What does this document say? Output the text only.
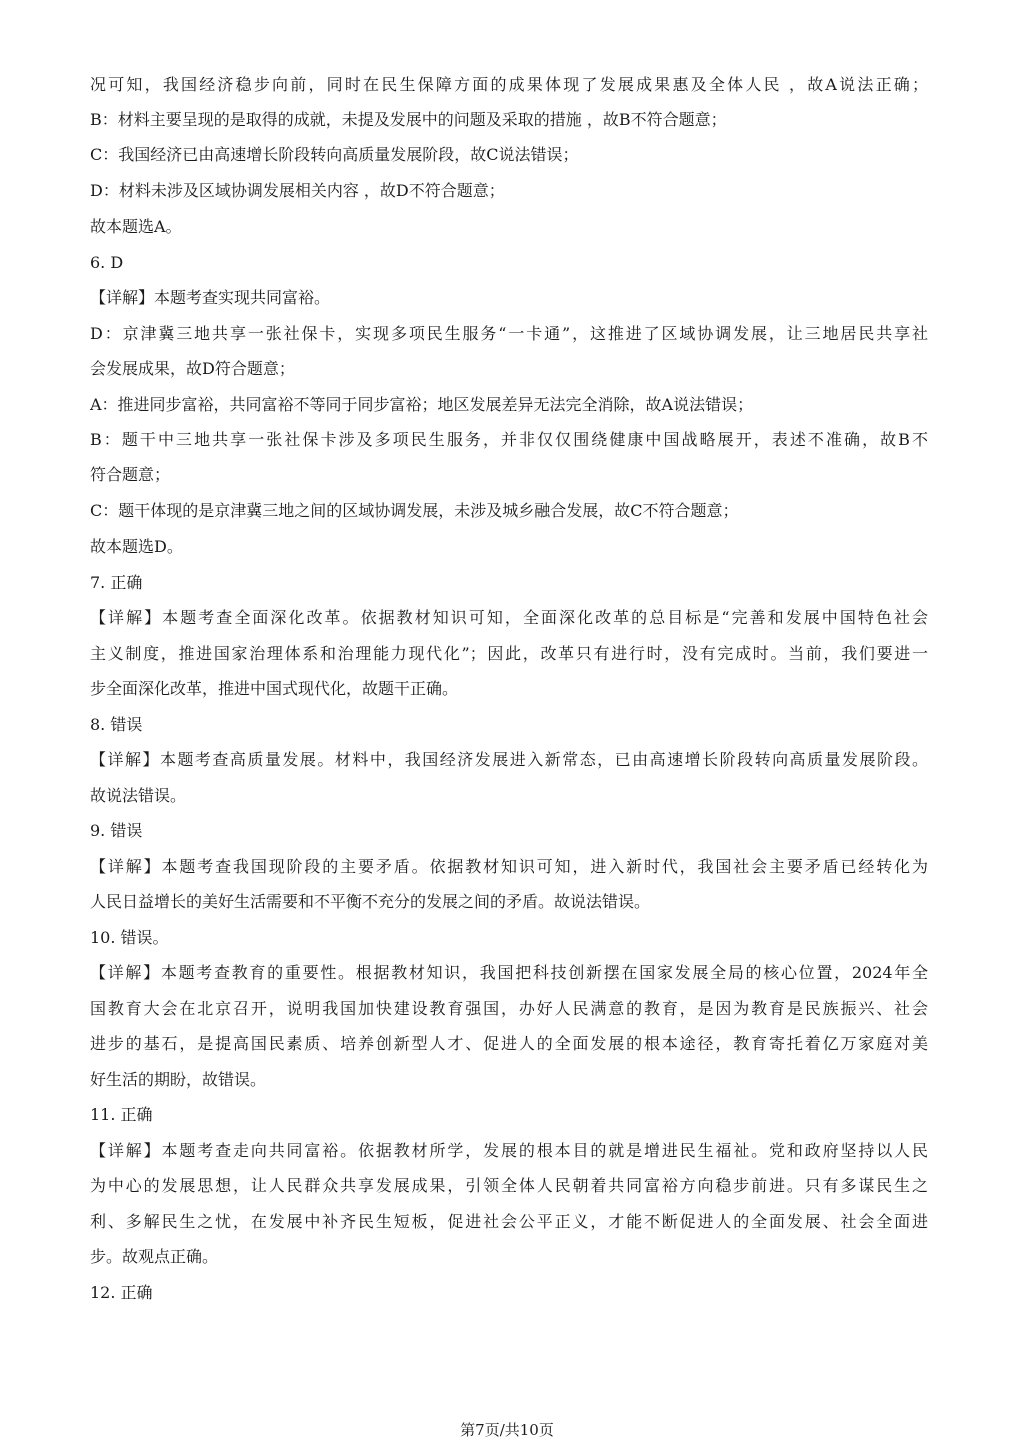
况可知，我国经济稳步向前，同时在民生保障方面的成果体现了发展成果惠及全体人民 ，故A说法正确；
B：材料主要呈现的是取得的成就，未提及发展中的问题及采取的措施 ，故B不符合题意；
C：我国经济已由高速增长阶段转向高质量发展阶段，故C说法错误；
D：材料未涉及区域协调发展相关内容 ，故D不符合题意；
故本题选A。
6. D
【详解】本题考查实现共同富裕。
D：京津冀三地共享一张社保卡，实现多项民生服务“一卡通”，这推进了区域协调发展，让三地居民共享社
会发展成果，故D符合题意；
A：推进同步富裕，共同富裕不等同于同步富裕；地区发展差异无法完全消除，故A说法错误；
B：题干中三地共享一张社保卡涉及多项民生服务，并非仅仅围绕健康中国战略展开，表述不准确，故B不
符合题意；
C：题干体现的是京津冀三地之间的区域协调发展，未涉及城乡融合发展，故C不符合题意；
故本题选D。
7. 正确
【详解】本题考查全面深化改革。依据教材知识可知，全面深化改革的总目标是“完善和发展中国特色社会
主义制度，推进国家治理体系和治理能力现代化”；因此，改革只有进行时，没有完成时。当前，我们要进一
步全面深化改革，推进中国式现代化，故题干正确。
8. 错误
【详解】本题考查高质量发展。材料中，我国经济发展进入新常态，已由高速增长阶段转向高质量发展阶段。
故说法错误。
9. 错误
【详解】本题考查我国现阶段的主要矛盾。依据教材知识可知，进入新时代，我国社会主要矛盾已经转化为
人民日益增长的美好生活需要和不平衡不充分的发展之间的矛盾。故说法错误。
10. 错误。
【详解】本题考查教育的重要性。根据教材知识，我国把科技创新摆在国家发展全局的核心位置，2024年全
国教育大会在北京召开，说明我国加快建设教育强国，办好人民满意的教育，是因为教育是民族振兴、社会
进步的基石，是提高国民素质、培养创新型人才、促进人的全面发展的根本途径，教育寄托着亿万家庭对美
好生活的期盼，故错误。
11. 正确
【详解】本题考查走向共同富裕。依据教材所学，发展的根本目的就是增进民生福祉。党和政府坚持以人民
为中心的发展思想，让人民群众共享发展成果，引领全体人民朝着共同富裕方向稳步前进。只有多谋民生之
利、多解民生之忧，在发展中补齐民生短板，促进社会公平正义，才能不断促进人的全面发展、社会全面进
步。故观点正确。
12. 正确
第7页/共10页
